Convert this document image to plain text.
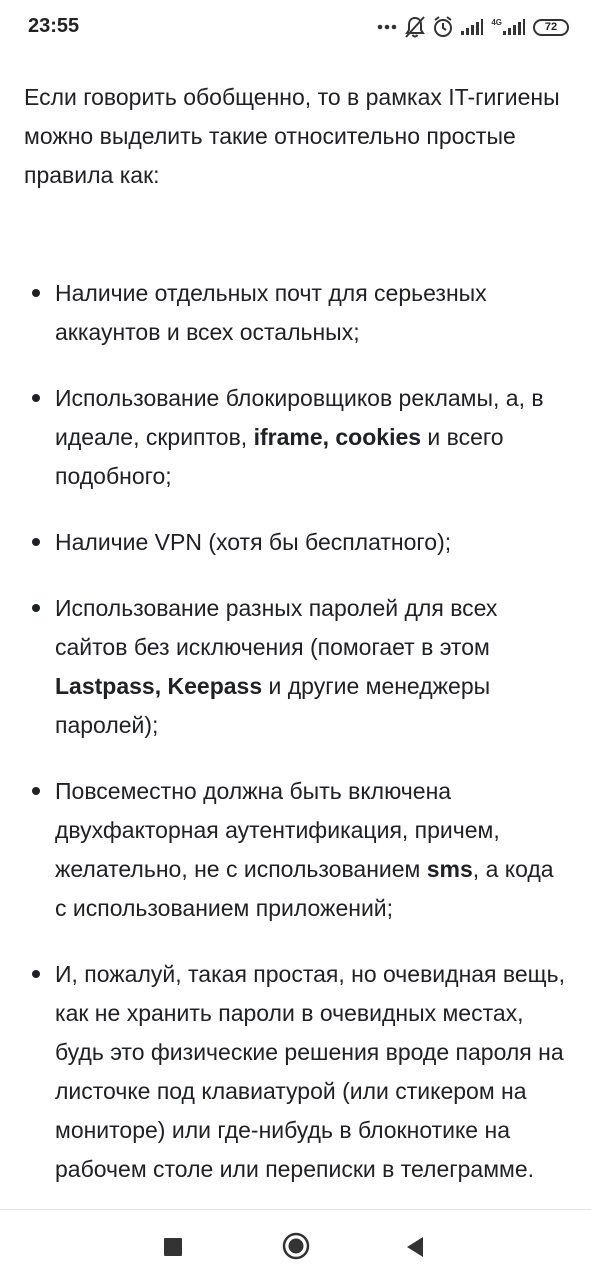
23:55	4G	72

Если говорить обобщенно, то в рамках IT-гигиены можно выделить такие относительно простые правила как:

Наличие отдельных почт для серьезных аккаунтов и всех остальных;
Использование блокировщиков рекламы, а, в идеале, скриптов, iframe, cookies и всего подобного;
Наличие VPN (хотя бы бесплатного);
Использование разных паролей для всех сайтов без исключения (помогает в этом Lastpass, Keepass и другие менеджеры паролей);
Повсеместно должна быть включена двухфакторная аутентификация, причем, желательно, не с использованием sms, а кода с использованием приложений;
И, пожалуй, такая простая, но очевидная вещь, как не хранить пароли в очевидных местах, будь это физические решения вроде пароля на листочке под клавиатурой (или стикером на мониторе) или где-нибудь в блокнотике на рабочем столе или переписки в телеграмме.
